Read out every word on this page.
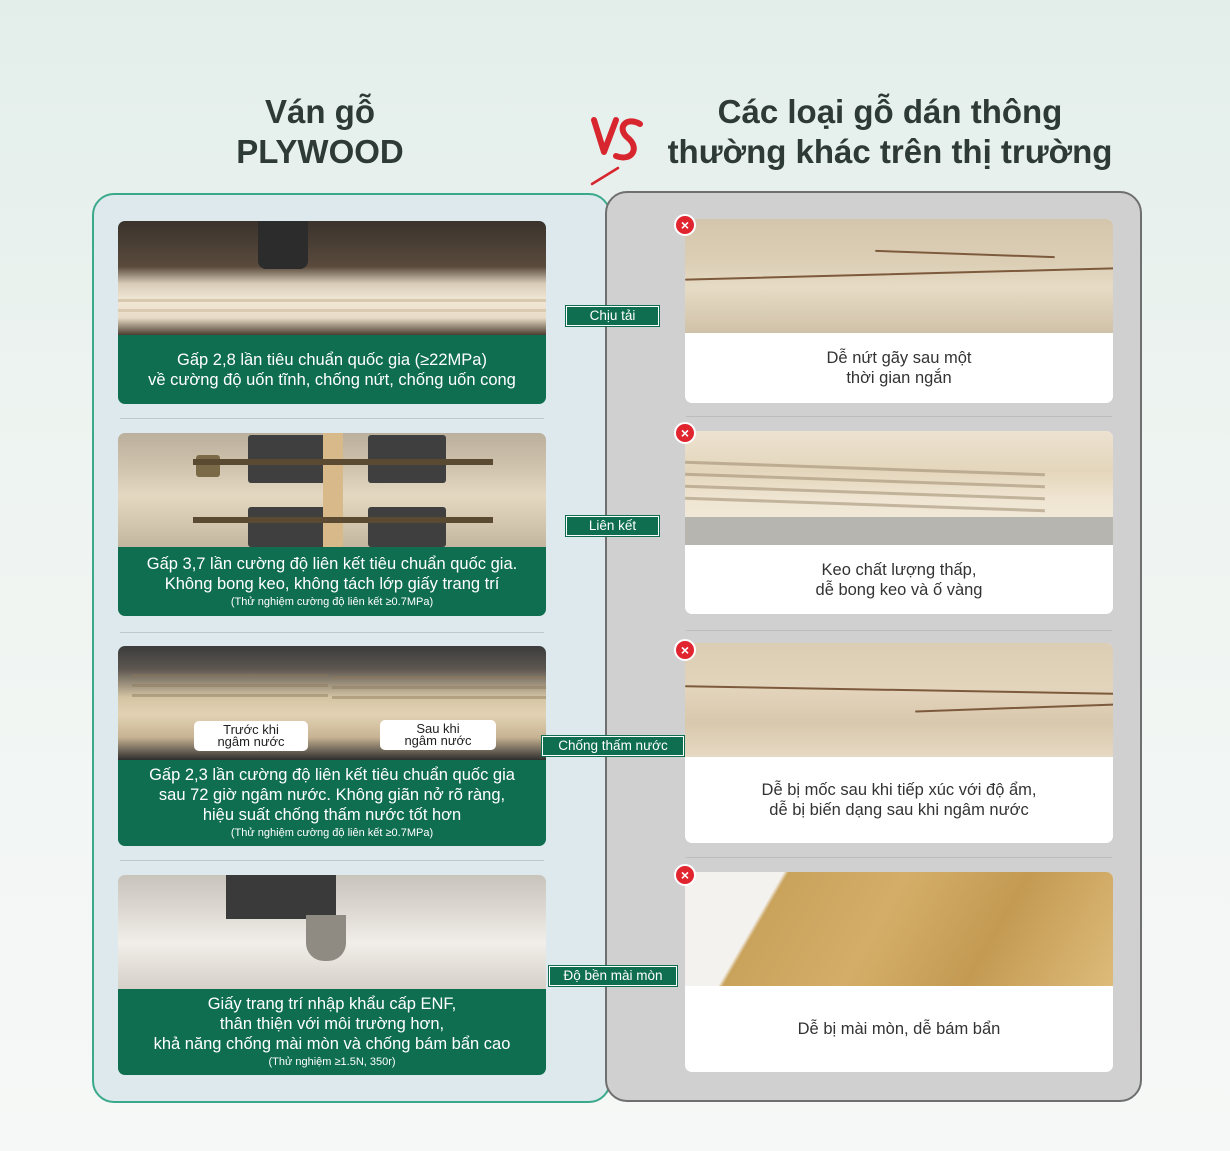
Ván gỗ
PLYWOOD
Các loại gỗ dán thông
thường khác trên thị trường
Gấp 2,8 lần tiêu chuẩn quốc gia (≥22MPa)
về cường độ uốn tĩnh, chống nứt, chống uốn cong
Gấp 3,7 lần cường độ liên kết tiêu chuẩn quốc gia.
Không bong keo, không tách lớp giấy trang trí
(Thử nghiệm cường độ liên kết ≥0.7MPa)
Trước khi
ngâm nước
Sau khi
ngâm nước
Gấp 2,3 lần cường độ liên kết tiêu chuẩn quốc gia
sau 72 giờ ngâm nước. Không giãn nở rõ ràng,
hiệu suất chống thấm nước tốt hơn
(Thử nghiệm cường độ liên kết ≥0.7MPa)
Giấy trang trí nhập khẩu cấp ENF,
thân thiện với môi trường hơn,
khả năng chống mài mòn và chống bám bẩn cao
(Thử nghiệm ≥1.5N, 350r)
Chịu tải
Liên kết
Chống thấm nước
Độ bền mài mòn
Dễ nứt gãy sau một
thời gian ngắn
Keo chất lượng thấp,
dễ bong keo và ố vàng
Dễ bị mốc sau khi tiếp xúc với độ ẩm,
dễ bị biến dạng sau khi ngâm nước
Dễ bị mài mòn, dễ bám bẩn
×
×
×
×
